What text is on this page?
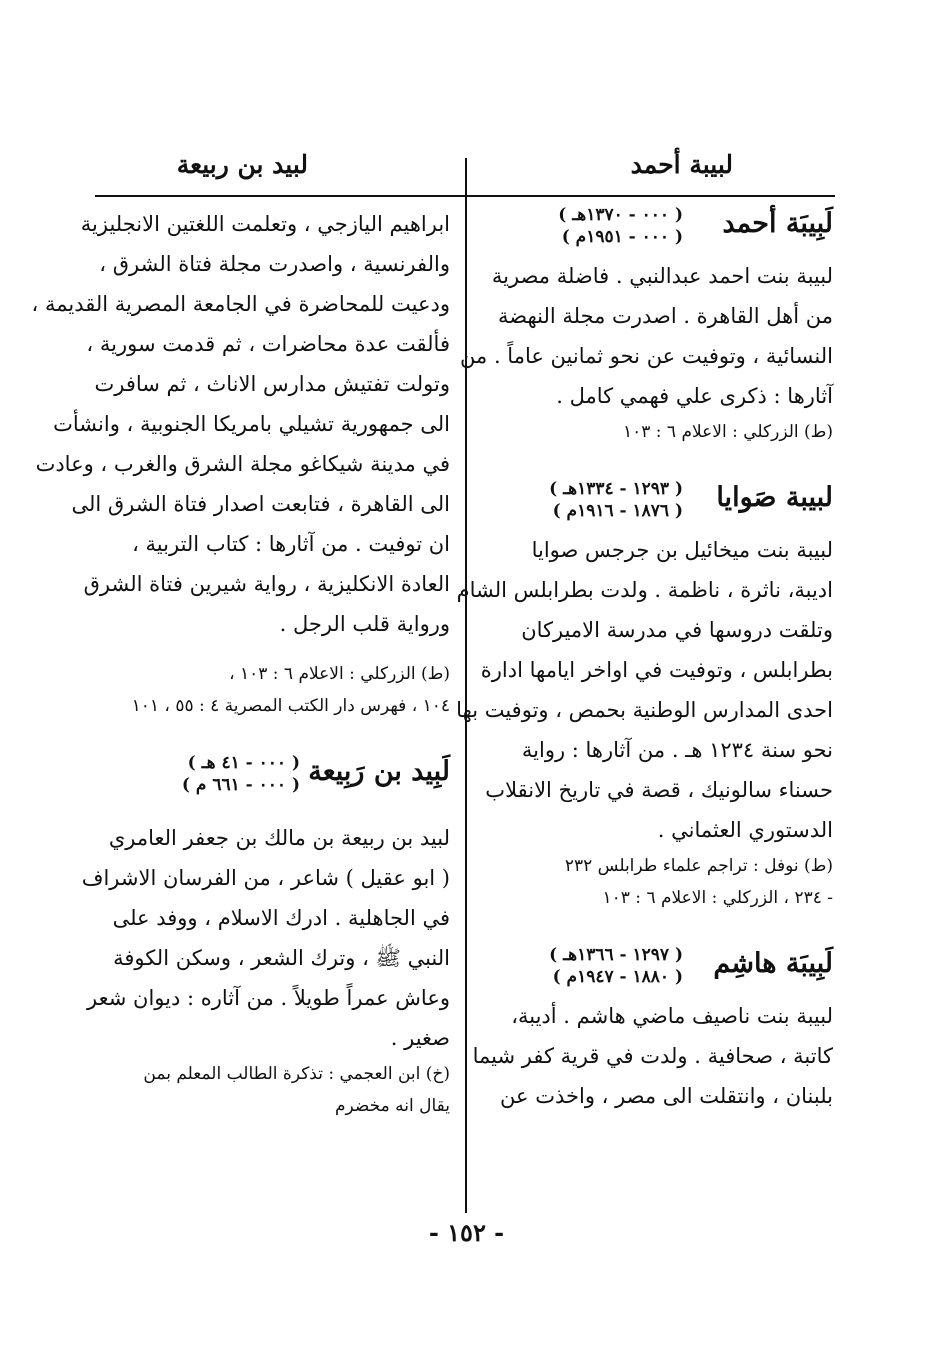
لبيبة أحمد
لبيد بن ربيعة
لَبِيبَة أحمد
( ٠٠٠ - ١٣٧٠هـ )
( ٠٠٠ - ١٩٥١م )
لبيبة بنت احمد عبدالنبي . فاضلة مصرية
من أهل القاهرة . اصدرت مجلة النهضة
النسائية ، وتوفيت عن نحو ثمانين عاماً . من
آثارها : ذكرى علي فهمي كامل .
(ط) الزركلي : الاعلام ٦ : ١٠٣
لبيبة صَوايا
( ١٢٩٣ - ١٣٣٤هـ )
( ١٨٧٦ - ١٩١٦م )
لبيبة بنت ميخائيل بن جرجس صوايا
اديبة، ناثرة ، ناظمة . ولدت بطرابلس الشام
وتلقت دروسها في مدرسة الاميركان
بطرابلس ، وتوفيت في اواخر ايامها ادارة
احدى المدارس الوطنية بحمص ، وتوفيت بها
نحو سنة ١٢٣٤ هـ . من آثارها : رواية
حسناء سالونيك ، قصة في تاريخ الانقلاب
الدستوري العثماني .
(ط) نوفل : تراجم علماء طرابلس ٢٣٢
- ٢٣٤ ، الزركلي : الاعلام ٦ : ١٠٣
لَبِيبَة هاشِم
( ١٢٩٧ - ١٣٦٦هـ )
( ١٨٨٠ - ١٩٤٧م )
لبيبة بنت ناصيف ماضي هاشم . أديبة،
كاتبة ، صحافية . ولدت في قرية كفر شيما
بلبنان ، وانتقلت الى مصر ، واخذت عن
ابراهيم اليازجي ، وتعلمت اللغتين الانجليزية
والفرنسية ، واصدرت مجلة فتاة الشرق ،
ودعيت للمحاضرة في الجامعة المصرية القديمة ،
فألقت عدة محاضرات ، ثم قدمت سورية ،
وتولت تفتيش مدارس الاناث ، ثم سافرت
الى جمهورية تشيلي بامريكا الجنوبية ، وانشأت
في مدينة شيكاغو مجلة الشرق والغرب ، وعادت
الى القاهرة ، فتابعت اصدار فتاة الشرق الى
ان توفيت . من آثارها : كتاب التربية ،
العادة الانكليزية ، رواية شيرين فتاة الشرق
ورواية قلب الرجل .
(ط) الزركلي : الاعلام ٦ : ١٠٣ ،
١٠٤ ، فهرس دار الكتب المصرية ٤ : ٥٥ ، ١٠١
لَبِيد بن رَبِيعة
( ٠٠٠ - ٤١ هـ )
( ٠٠٠ - ٦٦١ م )
لبيد بن ربيعة بن مالك بن جعفر العامري
( ابو عقيل ) شاعر ، من الفرسان الاشراف
في الجاهلية . ادرك الاسلام ، ووفد على
النبي ﷺ ، وترك الشعر ، وسكن الكوفة
وعاش عمراً طويلاً . من آثاره : ديوان شعر
صغير .
(خ) ابن العجمي : تذكرة الطالب المعلم بمن
يقال انه مخضرم
- ١٥٢ -
